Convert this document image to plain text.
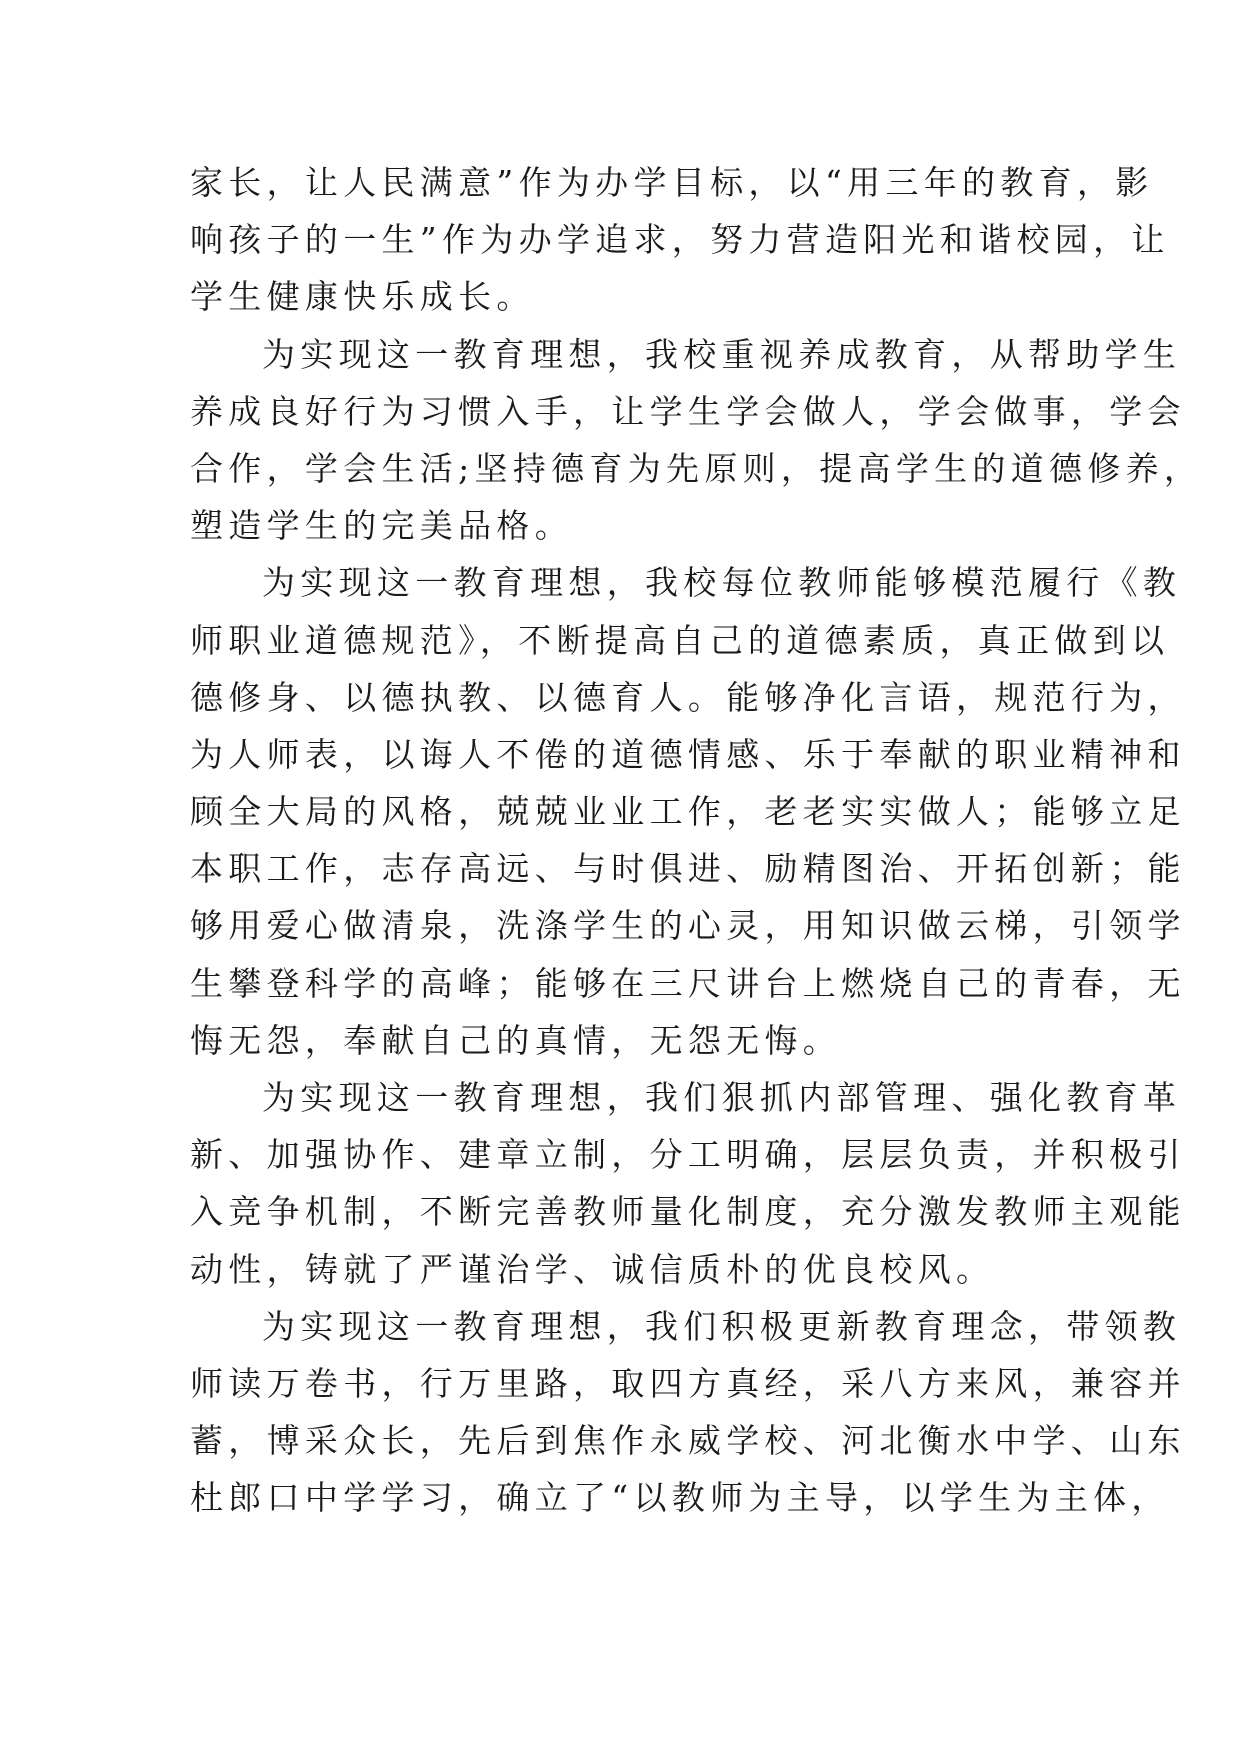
家长，让人民满意”作为办学目标，以“用三年的教育，影
响孩子的一生”作为办学追求，努力营造阳光和谐校园，让
学生健康快乐成长。
为实现这一教育理想，我校重视养成教育，从帮助学生
养成良好行为习惯入手，让学生学会做人，学会做事，学会
合作，学会生活;坚持德育为先原则，提高学生的道德修养，
塑造学生的完美品格。
为实现这一教育理想，我校每位教师能够模范履行《教
师职业道德规范》，不断提高自己的道德素质，真正做到以
德修身、以德执教、以德育人。能够净化言语，规范行为，
为人师表，以诲人不倦的道德情感、乐于奉献的职业精神和
顾全大局的风格，兢兢业业工作，老老实实做人；能够立足
本职工作，志存高远、与时俱进、励精图治、开拓创新；能
够用爱心做清泉，洗涤学生的心灵，用知识做云梯，引领学
生攀登科学的高峰；能够在三尺讲台上燃烧自己的青春，无
悔无怨，奉献自己的真情，无怨无悔。
为实现这一教育理想，我们狠抓内部管理、强化教育革
新、加强协作、建章立制，分工明确，层层负责，并积极引
入竞争机制，不断完善教师量化制度，充分激发教师主观能
动性，铸就了严谨治学、诚信质朴的优良校风。
为实现这一教育理想，我们积极更新教育理念，带领教
师读万卷书，行万里路，取四方真经，采八方来风，兼容并
蓄，博采众长，先后到焦作永威学校、河北衡水中学、山东
杜郎口中学学习，确立了“以教师为主导，以学生为主体，
